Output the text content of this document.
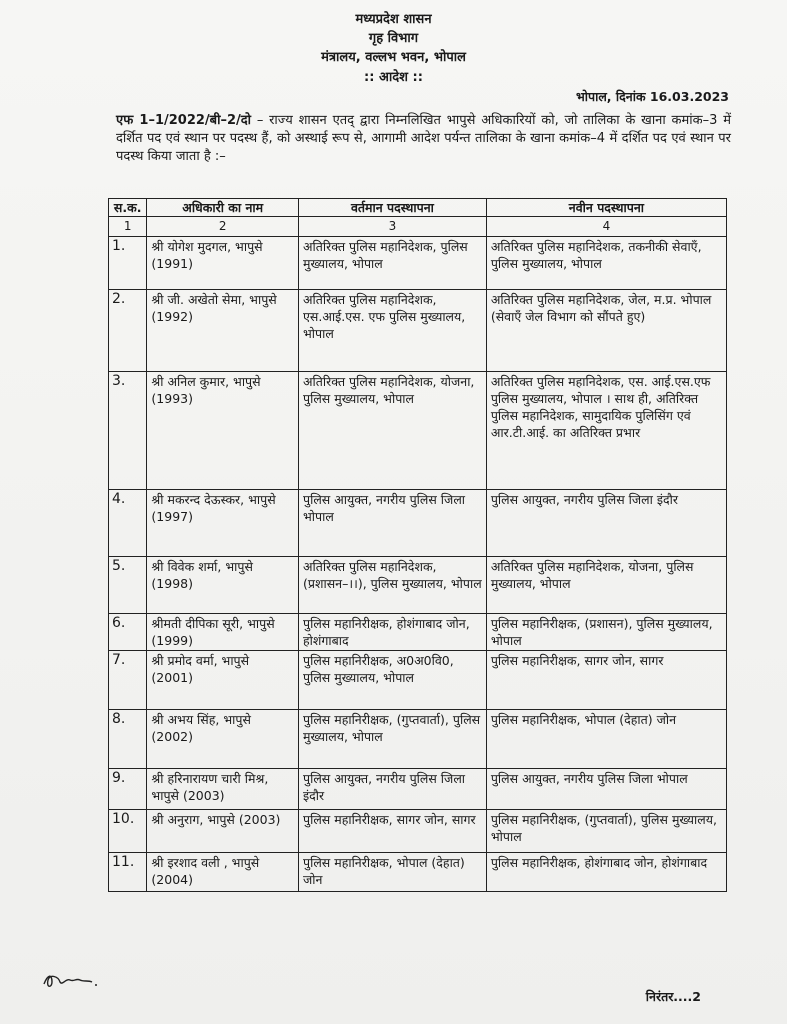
मध्यप्रदेश शासन
गृह विभाग
मंत्रालय, वल्लभ भवन, भोपाल
:: आदेश ::
भोपाल, दिनांक 16.03.2023
एफ 1–1/2022/बी–2/दो – राज्य शासन एतद् द्वारा निम्नलिखित भापुसे अधिकारियों को, जो तालिका के खाना कमांक–3 में दर्शित पद एवं स्थान पर पदस्थ हैं, को अस्थाई रूप से, आगामी आदेश पर्यन्त तालिका के खाना कमांक–4 में दर्शित पद एवं स्थान पर पदस्थ किया जाता है :–
स.क.	अधिकारी का नाम	वर्तमान पदस्थापना	नवीन पदस्थापना
1	2	3	4
1.	श्री योगेश मुदगल, भापुसे (1991)	अतिरिक्त पुलिस महानिदेशक, पुलिस मुख्यालय, भोपाल	अतिरिक्त पुलिस महानिदेशक, तकनीकी सेवाएँ, पुलिस मुख्यालय, भोपाल
2.	श्री जी. अखेतो सेमा, भापुसे (1992)	अतिरिक्त पुलिस महानिदेशक, एस.आई.एस. एफ पुलिस मुख्यालय, भोपाल	अतिरिक्त पुलिस महानिदेशक, जेल, म.प्र. भोपाल (सेवाएँ जेल विभाग को सौंपते हुए)
3.	श्री अनिल कुमार, भापुसे (1993)	अतिरिक्त पुलिस महानिदेशक, योजना, पुलिस मुख्यालय, भोपाल	अतिरिक्त पुलिस महानिदेशक, एस. आई.एस.एफ पुलिस मुख्यालय, भोपाल । साथ ही, अतिरिक्त पुलिस महानिदेशक, सामुदायिक पुलिसिंग एवं आर.टी.आई. का अतिरिक्त प्रभार
4.	श्री मकरन्द देऊस्कर, भापुसे (1997)	पुलिस आयुक्त, नगरीय पुलिस जिला भोपाल	पुलिस आयुक्त, नगरीय पुलिस जिला इंदौर
5.	श्री विवेक शर्मा, भापुसे (1998)	अतिरिक्त पुलिस महानिदेशक, (प्रशासन–।।), पुलिस मुख्यालय, भोपाल	अतिरिक्त पुलिस महानिदेशक, योजना, पुलिस मुख्यालय, भोपाल
6.	श्रीमती दीपिका सूरी, भापुसे (1999)	पुलिस महानिरीक्षक, होशंगाबाद जोन, होशंगाबाद	पुलिस महानिरीक्षक, (प्रशासन), पुलिस मुख्यालय, भोपाल
7.	श्री प्रमोद वर्मा, भापुसे (2001)	पुलिस महानिरीक्षक, अ0अ0वि0, पुलिस मुख्यालय, भोपाल	पुलिस महानिरीक्षक, सागर जोन, सागर
8.	श्री अभय सिंह, भापुसे (2002)	पुलिस महानिरीक्षक, (गुप्तवार्ता), पुलिस मुख्यालय, भोपाल	पुलिस महानिरीक्षक, भोपाल (देहात) जोन
9.	श्री हरिनारायण चारी मिश्र, भापुसे (2003)	पुलिस आयुक्त, नगरीय पुलिस जिला इंदौर	पुलिस आयुक्त, नगरीय पुलिस जिला भोपाल
10.	श्री अनुराग, भापुसे (2003)	पुलिस महानिरीक्षक, सागर जोन, सागर	पुलिस महानिरीक्षक, (गुप्तवार्ता), पुलिस मुख्यालय, भोपाल
11.	श्री इरशाद वली , भापुसे (2004)	पुलिस महानिरीक्षक, भोपाल (देहात) जोन	पुलिस महानिरीक्षक, होशंगाबाद जोन, होशंगाबाद
निरंतर....2
